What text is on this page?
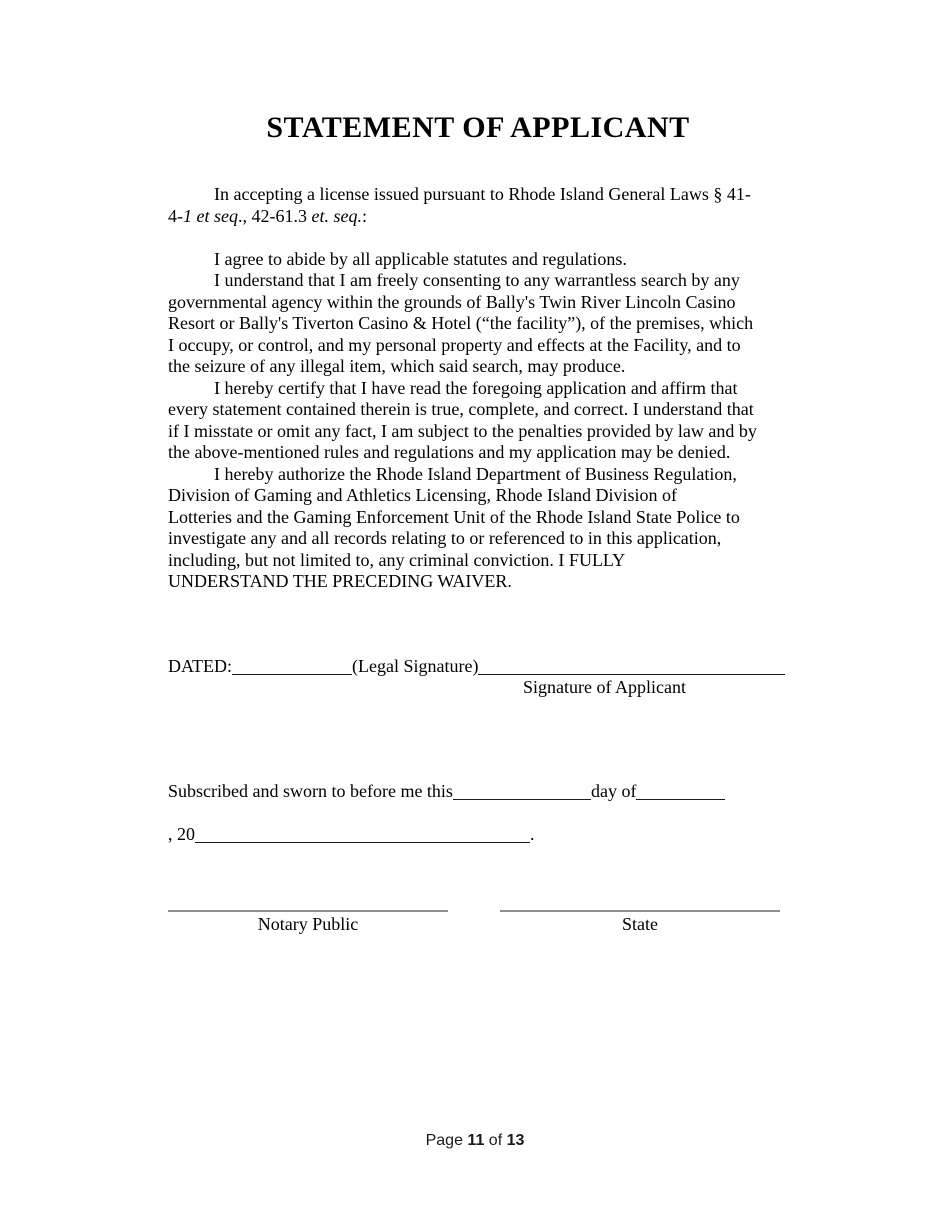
STATEMENT OF APPLICANT
In accepting a license issued pursuant to Rhode Island General Laws § 41-
4-1 et seq., 42-61.3 et. seq.:
I agree to abide by all applicable statutes and regulations.
I understand that I am freely consenting to any warrantless search by any
governmental agency within the grounds of Bally's Twin River Lincoln Casino
Resort or Bally's Tiverton Casino & Hotel (“the facility”), of the premises, which
I occupy, or control, and my personal property and effects at the Facility, and to
the seizure of any illegal item, which said search, may produce.
I hereby certify that I have read the foregoing application and affirm that
every statement contained therein is true, complete, and correct. I understand that
if I misstate or omit any fact, I am subject to the penalties provided by law and by
the above-mentioned rules and regulations and my application may be denied.
I hereby authorize the Rhode Island Department of Business Regulation,
Division of Gaming and Athletics Licensing, Rhode Island Division of
Lotteries and the Gaming Enforcement Unit of the Rhode Island State Police to
investigate any and all records relating to or referenced to in this application,
including, but not limited to, any criminal conviction. I FULLY
UNDERSTAND THE PRECEDING WAIVER.
DATED:	(Legal Signature)
Signature of Applicant
Subscribed and sworn to before me this	day of
, 20	.
Notary Public	State
Page 11 of 13
